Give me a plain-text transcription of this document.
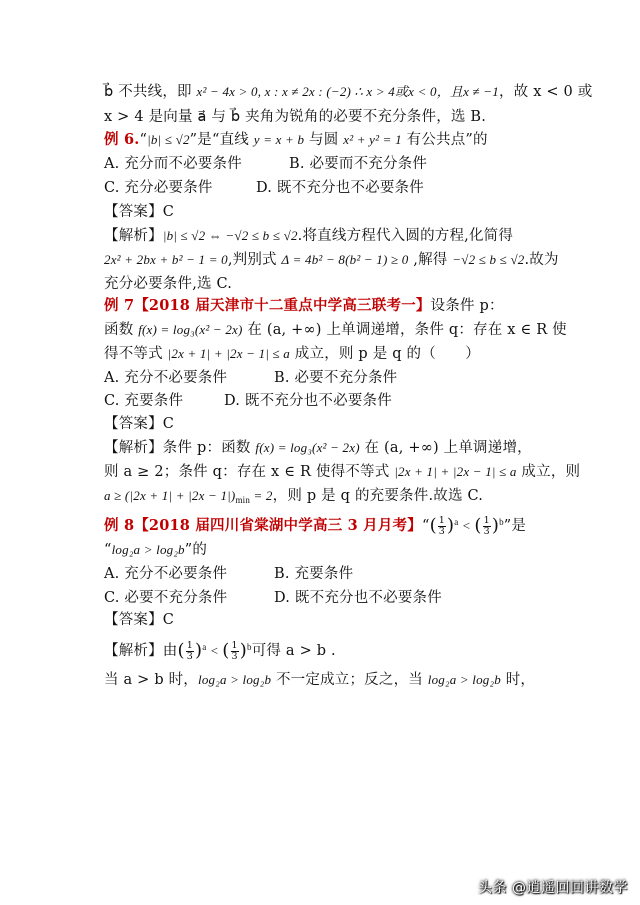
b⃗ 不共线，即 x² − 4x > 0, x : x ≠ 2x : (−2) ∴ x > 4或x < 0，且x ≠ −1，故 x < 0 或
x > 4 是向量 a⃗ 与 b⃗ 夹角为锐角的必要不充分条件，选 B.
例 6.“|b| ≤ √2”是“直线 y = x + b 与圆 x² + y² = 1 有公共点”的
A. 充分而不必要条件	B. 必要而不充分条件
C. 充分必要条件	D. 既不充分也不必要条件
【答案】C
【解析】|b| ≤ √2 ⇔ −√2 ≤ b ≤ √2.将直线方程代入圆的方程,化简得
2x² + 2bx + b² − 1 = 0,判别式 Δ = 4b² − 8(b² − 1) ≥ 0 ,解得 −√2 ≤ b ≤ √2.故为
充分必要条件,选 C.
例 7【2018 届天津市十二重点中学高三联考一】设条件 p：
函数 f(x) = log₃(x² − 2x) 在 (a, +∞) 上单调递增，条件 q：存在 x ∈ R 使
得不等式 |2x + 1| + |2x − 1| ≤ a 成立，则 p 是 q 的（　　）
A. 充分不必要条件	B. 必要不充分条件
C. 充要条件	D. 既不充分也不必要条件
【答案】C
【解析】条件 p：函数 f(x) = log₃(x² − 2x) 在 (a, +∞) 上单调递增，
则 a ≥ 2；条件 q：存在 x ∈ R 使得不等式 |2x + 1| + |2x − 1| ≤ a 成立，则
$a \ge (|2x + 1| + |2x - 1|)_{min} = 2$，则 p 是 q 的充要条件.故选 C.
例 8【2018 届四川省棠湖中学高三 3 月月考】“( $\frac{1}{3} )^a$ < ( $\frac{1}{3} )^b$”是
“log₂a > log₂b”的
A. 充分不必要条件	B. 充要条件
C. 必要不充分条件	D. 既不充分也不必要条件
【答案】C
【解析】由( $\frac{1}{3} )^a$ < ( $\frac{1}{3} )^b$可得 a > b .
当 a > b 时，log₂a > log₂b 不一定成立；反之，当 log₂a > log₂b 时，
头条 @逍遥回回讲数学
